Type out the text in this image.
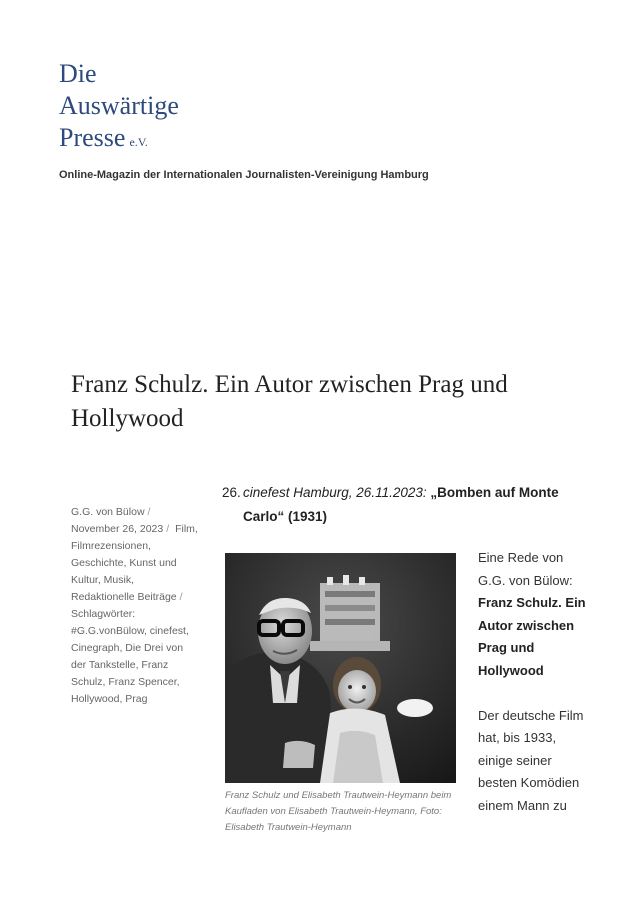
Die
Auswärtige
Presse e.V.
Online-Magazin der Internationalen Journalisten-Vereinigung Hamburg
Franz Schulz. Ein Autor zwischen Prag und Hollywood
G.G. von Bülow / November 26, 2023 / Film, Filmrezensionen, Geschichte, Kunst und Kultur, Musik, Redaktionelle Beiträge / Schlagwörter: #G.G.vonBülow, cinefest, Cinegraph, Die Drei von der Tankstelle, Franz Schulz, Franz Spencer, Hollywood, Prag
26. cinefest Hamburg, 26.11.2023: „Bomben auf Monte Carlo“ (1931)
Franz Schulz und Elisabeth Trautwein-Heymann beim Kaufladen von Elisabeth Trautwein-Heymann, Foto: Elisabeth Trautwein-Heymann

Eine Rede von G.G. von Bülow: Franz Schulz. Ein Autor zwischen Prag und Hollywood

Der deutsche Film hat, bis 1933, einige seiner besten Komödien einem Mann zu
